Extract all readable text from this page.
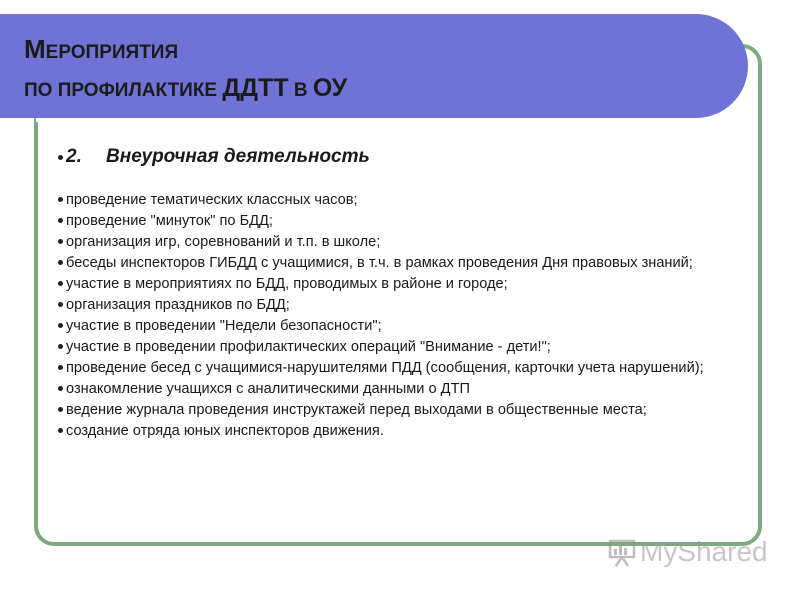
МЕРОПРИЯТИЯ
ПО ПРОФИЛАКТИКЕ ДДТТ В ОУ
2.	Внеурочная деятельность
проведение тематических классных часов;
проведение "минуток" по БДД;
организация игр, соревнований и т.п. в школе;
беседы инспекторов ГИБДД с учащимися, в т.ч. в рамках проведения Дня правовых знаний;
участие в мероприятиях по БДД, проводимых в районе и городе;
организация праздников по БДД;
участие в проведении "Недели безопасности";
участие в проведении профилактических операций "Внимание - дети!";
проведение бесед с учащимися-нарушителями ПДД (сообщения, карточки учета нарушений);
ознакомление учащихся с аналитическими данными о ДТП
ведение журнала проведения инструктажей перед выходами в общественные места;
создание отряда юных инспекторов движения.
MyShared
